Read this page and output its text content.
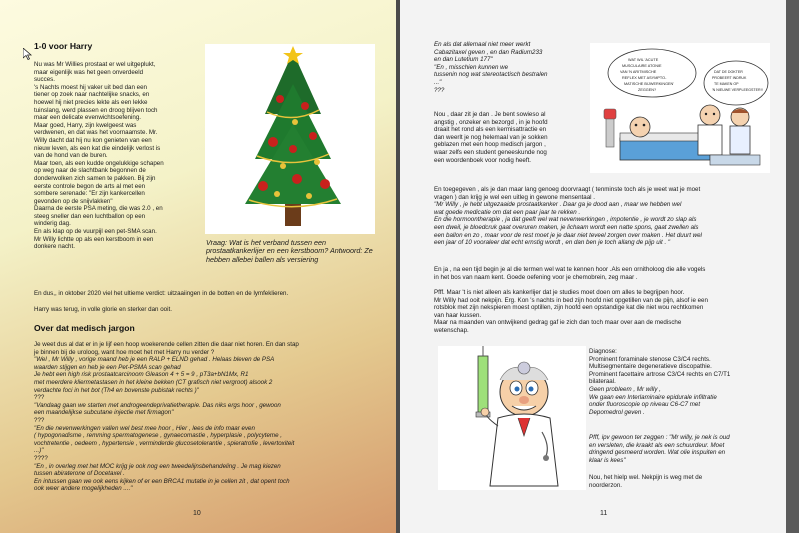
1-0 voor Harry

Nu was Mr Willies prostaat er wel uitgeplukt,

maar eigenlijk was het geen onverdeeld

succes.

's Nachts moest hij vaker uit bed dan een

tiener op zoek naar nachtelijke snacks, en

hoewel hij niet precies lekte als een lekke

tuinslang, werd plassen en droog blijven toch

maar een delicate evenwichtsoefening.

Maar goed, Harry, zijn kwelgeest was

verdwenen, en dat was het voornaamste. Mr.

Willy dacht dat hij nu kon genieten van een

nieuw leven, als een kat die eindelijk verlost is

van de hond van de buren.

Maar toen, als een kudde ongelukkige schapen

op weg naar de slachtbank begonnen de

donderwolken zich samen te pakken. Bij zijn

eerste controle begon de arts al met een

sombere serenade: "Er zijn kankercellen

gevonden op de snijvlakken"

Daarna de eerste PSA meting, die was 2.0 , en

steeg sneller dan een luchtballon op een

winderig dag.

En als klap op de vuurpijl een pet-SMA scan.

Mr Willy lichtte op als een kerstboom in een

donkere nacht.	Vraag: Wat is het verband tussen een prostaatkankerlijer en een kerstboom? Antwoord: Ze hebben allebei ballen als versiering
En dus,, in oktober 2020 viel het ultieme verdict: uitzaaiingen in de botten en de lymfeklieren.
Harry was terug, in volle glorie en sterker dan ooit.
Over dat medisch jargon

Je weet dus al dat er in je lijf een hoop woekerende cellen zitten die daar niet horen. En dan stap

je binnen bij de uroloog, want hoe moet het met Harry nu verder ?

"Wel , Mr Willy , vorige maand heb je een RALP + ELND gehad . Helaas bleven de PSA

waarden stijgen en heb je een Pet-PSMA scan gehad

Je hebt een high risk prostaatcarcinoom Gleason 4 + 5 = 9 , pT3a+bN1Mx, R1

met meerdere kliermetastasen in het kleine bekken (CT grafisch niet vergroot) alsook 2

verdachte foci in het bot (Th4 en bovenste pubistak rechts )"

???

"Vandaag gaan we starten met androgeendeprivatietherapie. Das niks ergs hoor , gewoon

een maandelijkse subcutane injectie met firmagon"

???

"En die nevenwerkingen vallen wel best mee hoor , Hier , lees de info maar even

( hypogonadisme , remming spermatogenese , gynaecomastie , hyperplasie , polycyteme ,

vochtretentie , oedeem , hypertensie , verminderde glucosetolerantie , spieratrofie , levertoxiteit

...)"

????

"En , in overleg met het MOC krijg je ook nog een tweedelijnsbehandeling . Je mag kiezen

tussen abiraterone of Docetaxel .

En intussen gaan we ook eens kijken of er een BRCA1 mutatie in je cellen zit , dat opent toch

ook weer andere mogelijkheden ...."

10

En als dat allemaal niet meer werkt

Cabazitaxel geven , en dan Radium233

en dan Lutetium 177"

"En , misschien kunnen we

tussenin nog wat stereotactisch bestralen

..."

???

Nou , daar zit je dan . Je bent sowieso al

angstig , onzeker en bezorgd , in je hoofd

draait het rond als een kermisattractie en

dan weerlt je nog helemaal van je sokken

geblazen met een hoop medisch jargon ,

waar zelfs een student geneeskunde nog

een woordenboek voor nodig heeft.

WAT WIL 'ACUTE
MUSCULAIRE ATONIE
VAN 'N ARITMISCHE
REFLEX MET ASYMPTO-
MATISCHE BIJWERKINGEN'
ZEGGEN?
DAT DE DOKTER
PROBEERT INDRUK
TE MAKEN OP
'N NIEUWE VERPLEEGSTER!!

En toegegeven , als je dan maar lang genoeg doorvraagt ( tenminste toch als je weet wat je moet

vragen ) dan krijg je wel een uitleg in gewone mensentaal .

"Mr Willy , je hebt uitgezaaide prostaatkanker . Daar ga je dood aan , maar we hebben wel

wat goede medicatie om dat een paar jaar te rekken .

En die hormoontherapie , ja dat geeft wel wat nevenwerkingen , impotentie , je wordt zo slap als

een dweil, je bloedcruk gaat overuren maken, je lichaam wordt een natte spons, gaat zwellen als

een ballon en zo , maar voor de rest moet je je daar niet teveel zorgen over maken . Het duurt wel

een jaar of 10 vooraleer dat echt ernstig wordt , en dan ben je toch allang de pijp uit . "

En ja , na een tijd begin je al die termen wel wat te kennen hoor .Als een ornitholoog die alle vogels

in het bos van naam kent. Goede oefening voor je chemobrein, zeg maar .

Pfff. Maar 't is niet alleen als kankerlijer dat je studies moet doen om alles te begrijpen hoor.

Mr Willy had ooit nekpijn. Erg. Kon 's nachts in bed zijn hoofd niet opgetillen van de pijn, alsof ie een

rotsblok met zijn nekspieren moest optillen, zijn hoofd een opstandige kat die niet wou rechtkomen

van haar kussen.

Maar na maanden van ontwijkend gedrag gaf ie zich dan toch maar over aan de medische

wetenschap.

Diagnose:

Prominent foraminale stenose C3/C4 rechts.

Multisegmentaire degeneratieve discopathie.

Prominent facettaire artrose C3/C4 rechts en C7/T1

bilateraal.

Geen probleem , Mr willy ,

We gaan een Interlaminaire epidurale infiltratie

onder fluoroscopie op niveau C6-C7 met

Depomedrol geven .

Pfff, ipv gewoon ter zeggen : "Mr willy, je nek is oud

en versleten, die kraakt als een schuurdeur. Moet

dringend gesmeerd worden. Wat olie inspuiten en

klaar is kees"

Nou, het hielp wel. Nekpijn is weg met de

noorderzon.

11
